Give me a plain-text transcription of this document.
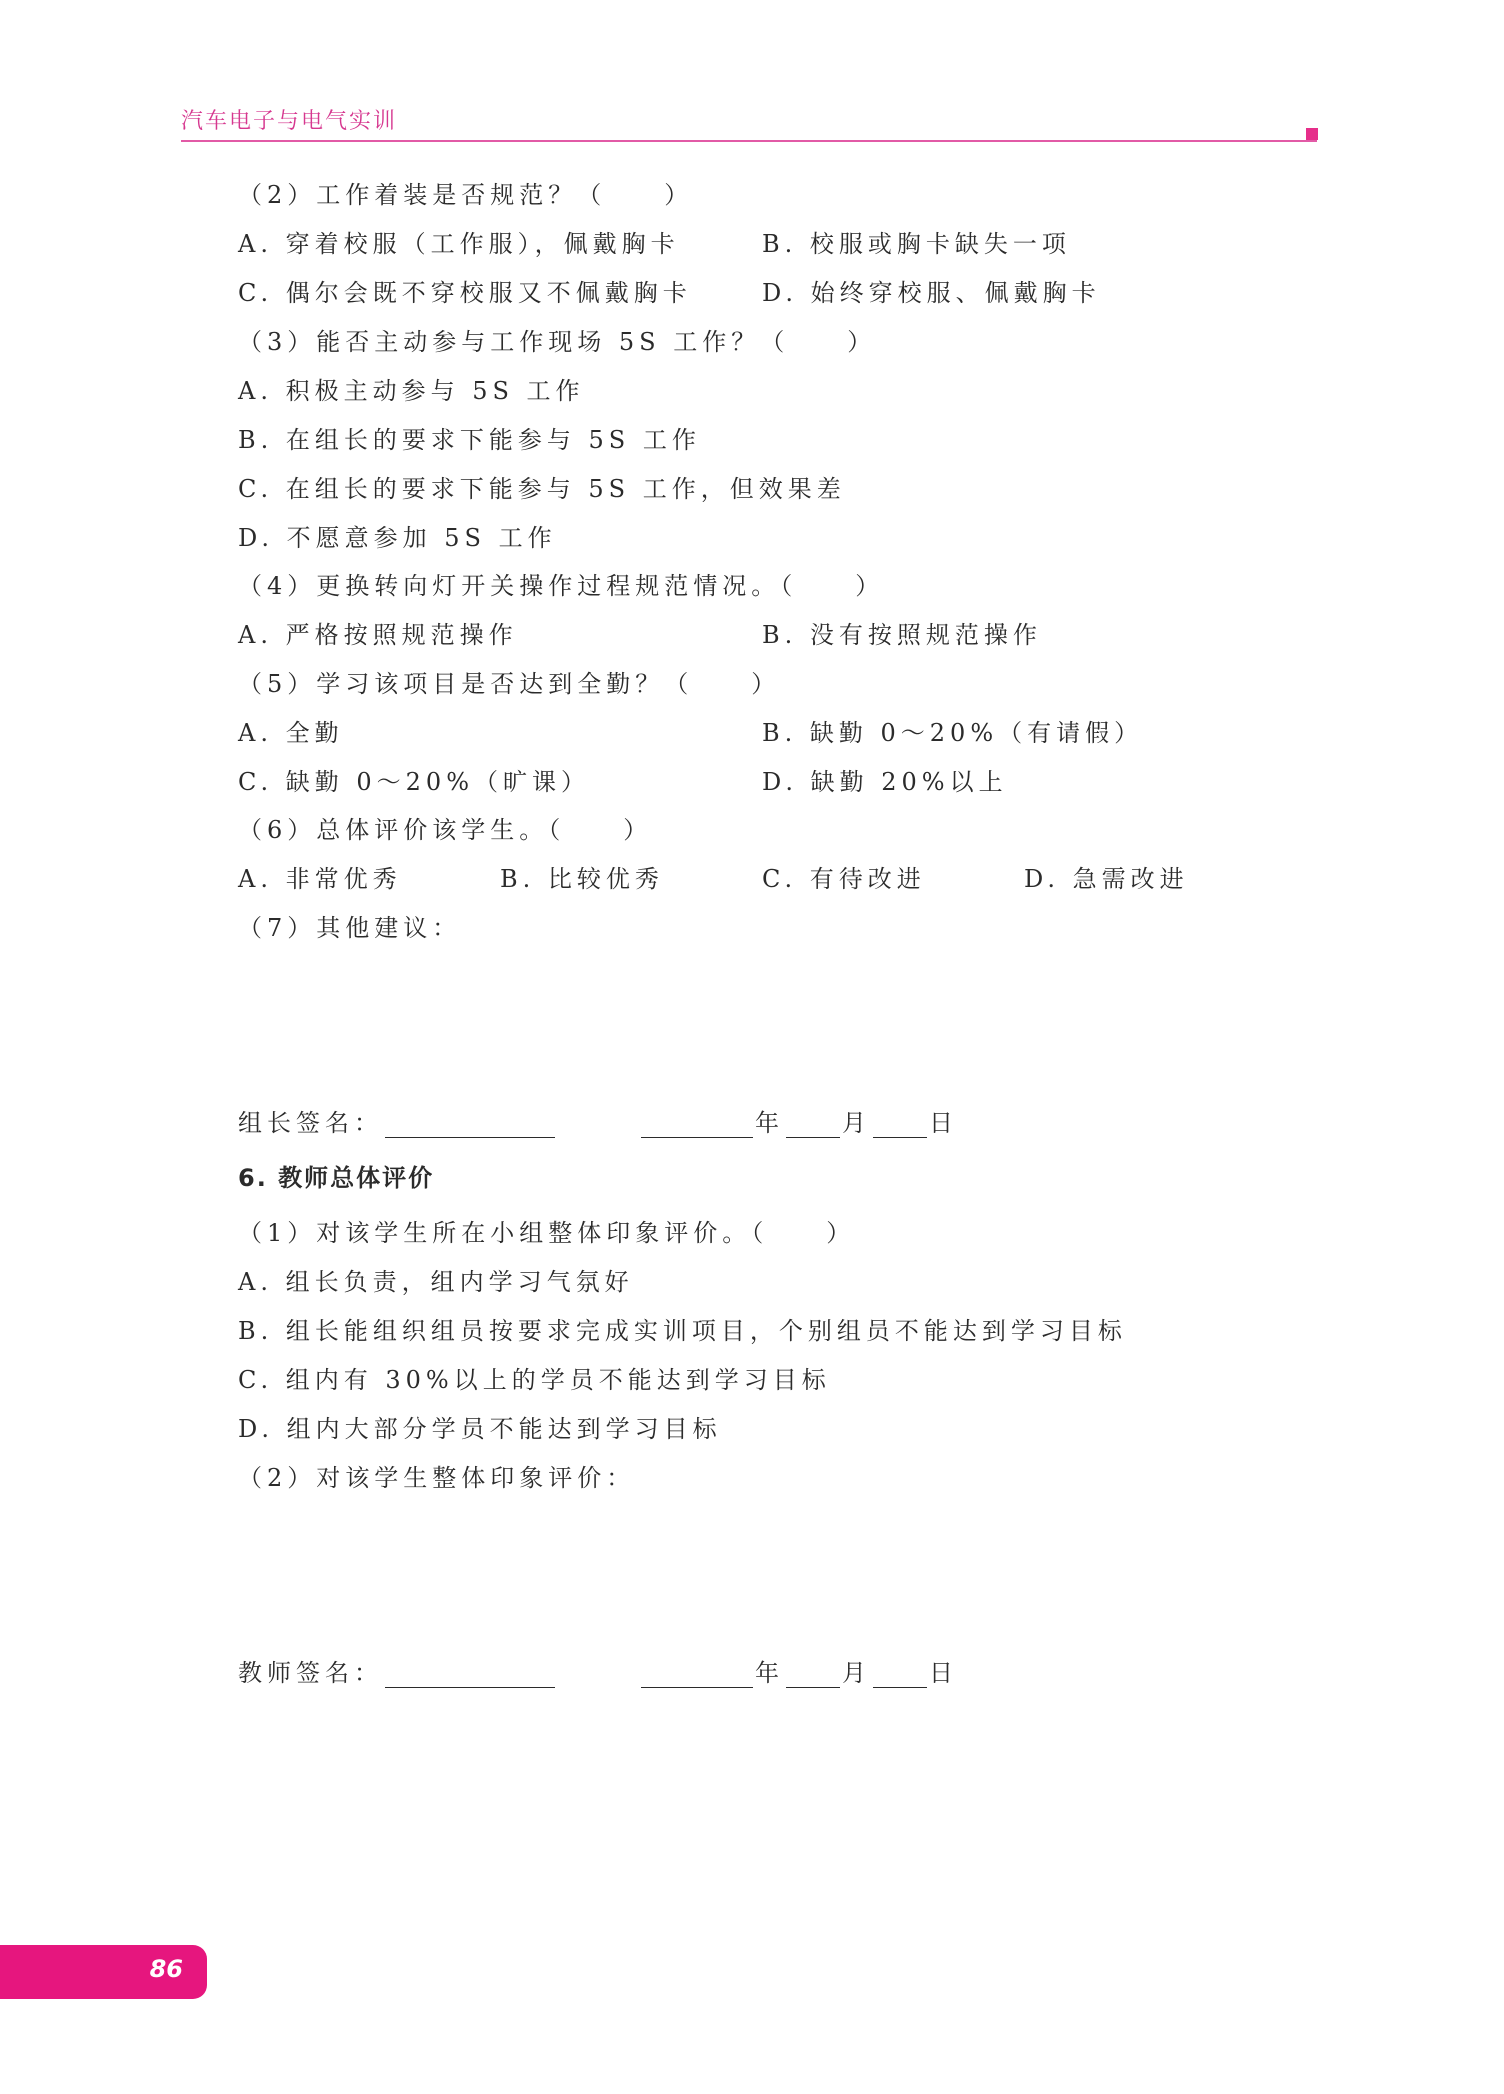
汽车电子与电气实训
（2）工作着装是否规范？（　　）
A. 穿着校服（工作服），佩戴胸卡	B. 校服或胸卡缺失一项
C. 偶尔会既不穿校服又不佩戴胸卡	D. 始终穿校服、佩戴胸卡
（3）能否主动参与工作现场 5S 工作？（　　）
A. 积极主动参与 5S 工作
B. 在组长的要求下能参与 5S 工作
C. 在组长的要求下能参与 5S 工作，但效果差
D. 不愿意参加 5S 工作
（4）更换转向灯开关操作过程规范情况。（　　）
A. 严格按照规范操作	B. 没有按照规范操作
（5）学习该项目是否达到全勤？（　　）
A. 全勤	B. 缺勤 0～20%（有请假）
C. 缺勤 0～20%（旷课）	D. 缺勤 20%以上
（6）总体评价该学生。（　　）
A. 非常优秀	B. 比较优秀	C. 有待改进	D. 急需改进
（7）其他建议：
组长签名：	年 月 日
6. 教师总体评价
（1）对该学生所在小组整体印象评价。（　　）
A. 组长负责，组内学习气氛好
B. 组长能组织组员按要求完成实训项目，个别组员不能达到学习目标
C. 组内有 30%以上的学员不能达到学习目标
D. 组内大部分学员不能达到学习目标
（2）对该学生整体印象评价：
教师签名：	年 月 日
86
